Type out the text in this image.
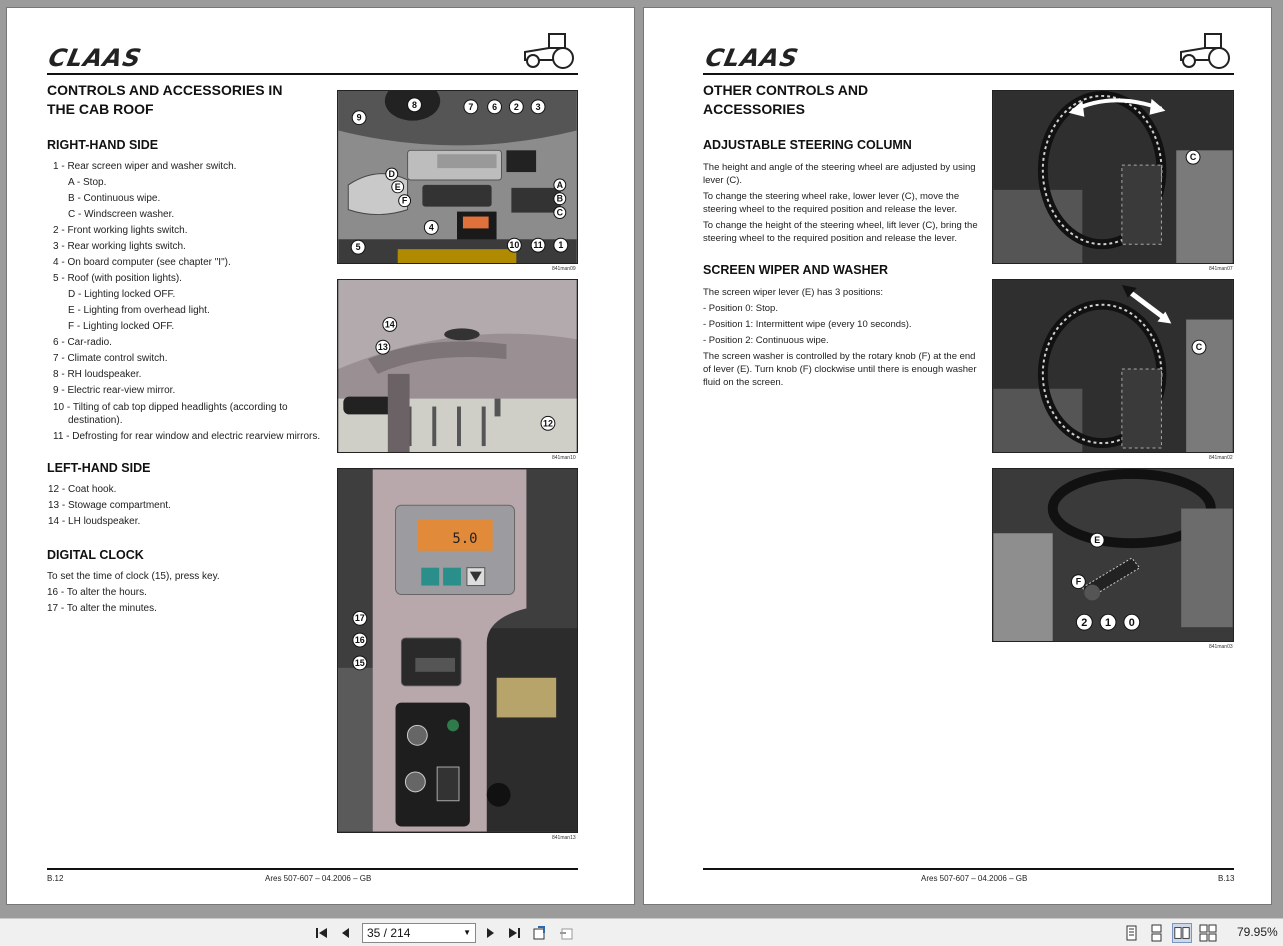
CLAAS
CONTROLS AND ACCESSORIES IN
THE CAB ROOF
RIGHT-HAND SIDE
1 - Rear screen wiper and washer switch.
A - Stop.
B - Continuous wipe.
C - Windscreen washer.
2 - Front working lights switch.
3 - Rear working lights switch.
4 - On board computer (see chapter "I").
5 - Roof (with position lights).
D - Lighting locked OFF.
E - Lighting from overhead light.
F - Lighting locked OFF.
6 - Car-radio.
7 - Climate control switch.
8 - RH loudspeaker.
9 - Electric rear-view mirror.
10 - Tilting of cab top dipped headlights (according to destination).
11 - Defrosting for rear window and electric rearview mirrors.
LEFT-HAND SIDE
12 - Coat hook.
13 - Stowage compartment.
14 - LH loudspeaker.
DIGITAL CLOCK
To set the time of clock (15), press key.
16 - To alter the hours.
17 - To alter the minutes.
8	7 6 2 3
9
D
E
F
A
B
C
4
5	10 11 1
841man09
14
13
12
841man10
5.0
17
16
15
841man13
B.12	Ares 507-607 – 04.2006 – GB
CLAAS
OTHER CONTROLS AND
ACCESSORIES
ADJUSTABLE STEERING COLUMN

The height and angle of the steering wheel are adjusted by using lever (C).

To change the steering wheel rake, lower lever (C), move the steering wheel to the required position and release the lever.

To change the height of the steering wheel, lift lever (C), bring the steering wheel to the required position and release the lever.

SCREEN WIPER AND WASHER

The screen wiper lever (E) has 3 positions:

- Position 0: Stop.

- Position 1: Intermittent wipe (every 10 seconds).

- Position 2: Continuous wipe.

The screen washer is controlled by the rotary knob (F) at the end of lever (E). Turn knob (F) clockwise until there is enough washer fluid on the screen.

C
841man07
C
841man02
E
F
2 1 0
841man03
Ares 507-607 – 04.2006 – GB	B.13
35 / 214	▼	79.95%
